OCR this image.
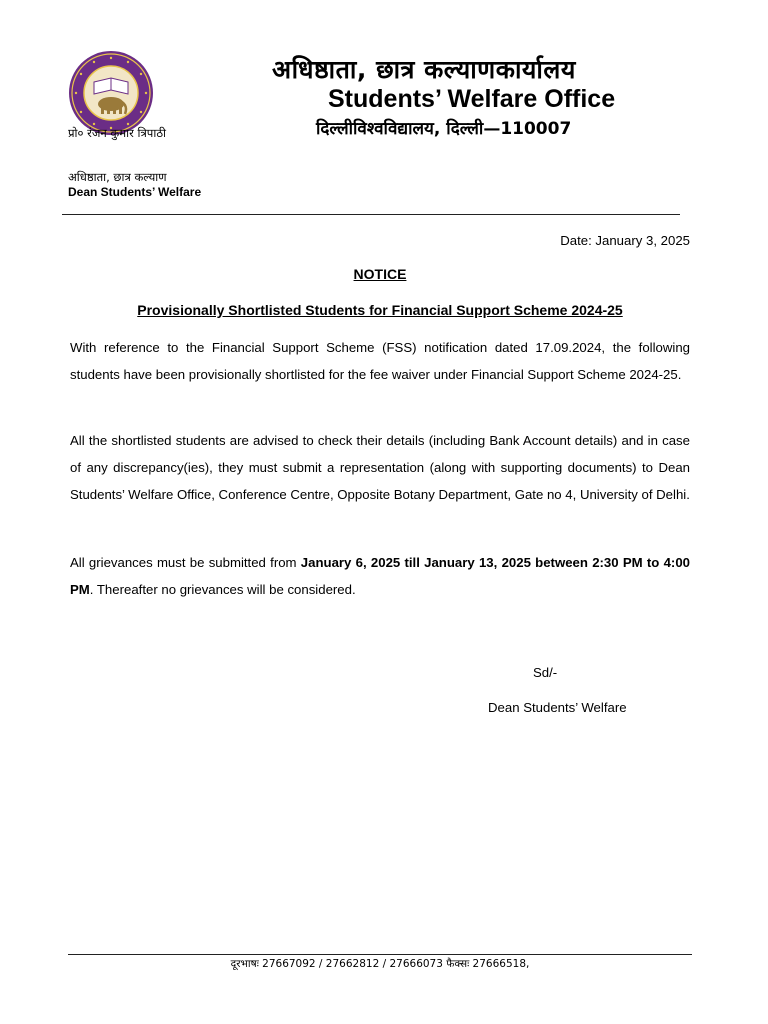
अधिष्ठाता, छात्र कल्याणकार्यालय
Students’ Welfare Office
दिल्लीविश्वविद्यालय, दिल्ली—110007
प्रो० रंजन कुमार त्रिपाठी
अधिष्ठाता, छात्र कल्याण
Dean Students’ Welfare
Date: January 3, 2025
NOTICE
Provisionally Shortlisted Students for Financial Support Scheme 2024-25
With reference to the Financial Support Scheme (FSS) notification dated 17.09.2024, the following students have been provisionally shortlisted for the fee waiver under Financial Support Scheme 2024-25.
All the shortlisted students are advised to check their details (including Bank Account details) and in case of any discrepancy(ies), they must submit a representation (along with supporting documents) to Dean Students’ Welfare Office, Conference Centre, Opposite Botany Department, Gate no 4, University of Delhi.
All grievances must be submitted from January 6, 2025 till January 13, 2025 between 2:30 PM to 4:00 PM. Thereafter no grievances will be considered.
Sd/-
Dean Students’ Welfare
दूरभाषः 27667092 / 27662812 / 27666073 फैक्सः 27666518,
